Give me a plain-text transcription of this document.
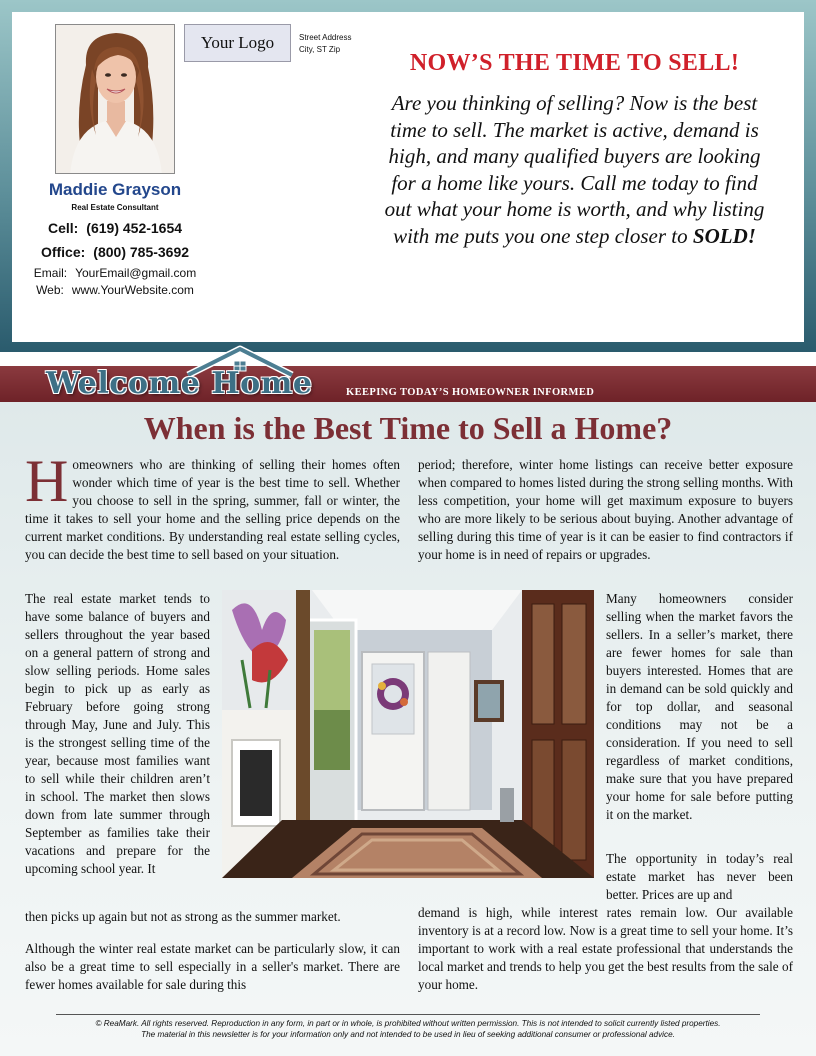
Your Logo	Street Address
City, ST Zip
Maddie Grayson
Real Estate Consultant
Cell: (619) 452-1654
Office: (800) 785-3692
Email: YourEmail@gmail.com
Web: www.YourWebsite.com
NOW’S THE TIME TO SELL!
Are you thinking of selling? Now is the best time to sell. The market is active, demand is high, and many qualified buyers are looking for a home like yours. Call me today to find out what your home is worth, and why listing with me puts you one step closer to SOLD!
Welcome Home	KEEPING TODAY’S HOMEOWNER INFORMED
When is the Best Time to Sell a Home?
H omeowners who are thinking of selling their homes often wonder which time of year is the best time to sell. Whether you choose to sell in the spring, summer, fall or winter, the time it takes to sell your home and the selling price depends on the current market conditions. By understanding real estate selling cycles, you can decide the best time to sell based on your situation.
period; therefore, winter home listings can receive better exposure when compared to homes listed during the strong selling months. With less competition, your home will get maximum exposure to buyers who are more likely to be serious about buying. Another advantage of selling during this time of year is it can be easier to find contractors if your home is in need of repairs or upgrades.
The real estate market tends to have some balance of buyers and sellers throughout the year based on a general pattern of strong and slow selling periods. Home sales begin to pick up as early as February before going strong through May, June and July. This is the strongest selling time of the year, because most families want to sell while their children aren’t in school. The market then slows down from late summer through September as families take their vacations and prepare for the upcoming school year. It
then picks up again but not as strong as the summer market.
Although the winter real estate market can be particularly slow, it can also be a great time to sell especially in a seller's market. There are fewer homes available for sale during this
Many homeowners consider selling when the market favors the sellers. In a seller’s market, there are fewer homes for sale than buyers interested. Homes that are in demand can be sold quickly and for top dollar, and seasonal conditions may not be a consideration. If you need to sell regardless of market conditions, make sure that you have prepared your home for sale before putting it on the market.
The opportunity in today’s real estate market has never been better. Prices are up and
demand is high, while interest rates remain low. Our available inventory is at a record low. Now is a great time to sell your home. It’s important to work with a real estate professional that understands the local market and trends to help you get the best results from the sale of your home.
© ReaMark. All rights reserved. Reproduction in any form, in part or in whole, is prohibited without written permission. This is not intended to solicit currently listed properties.
The material in this newsletter is for your information only and not intended to be used in lieu of seeking additional consumer or professional advice.
